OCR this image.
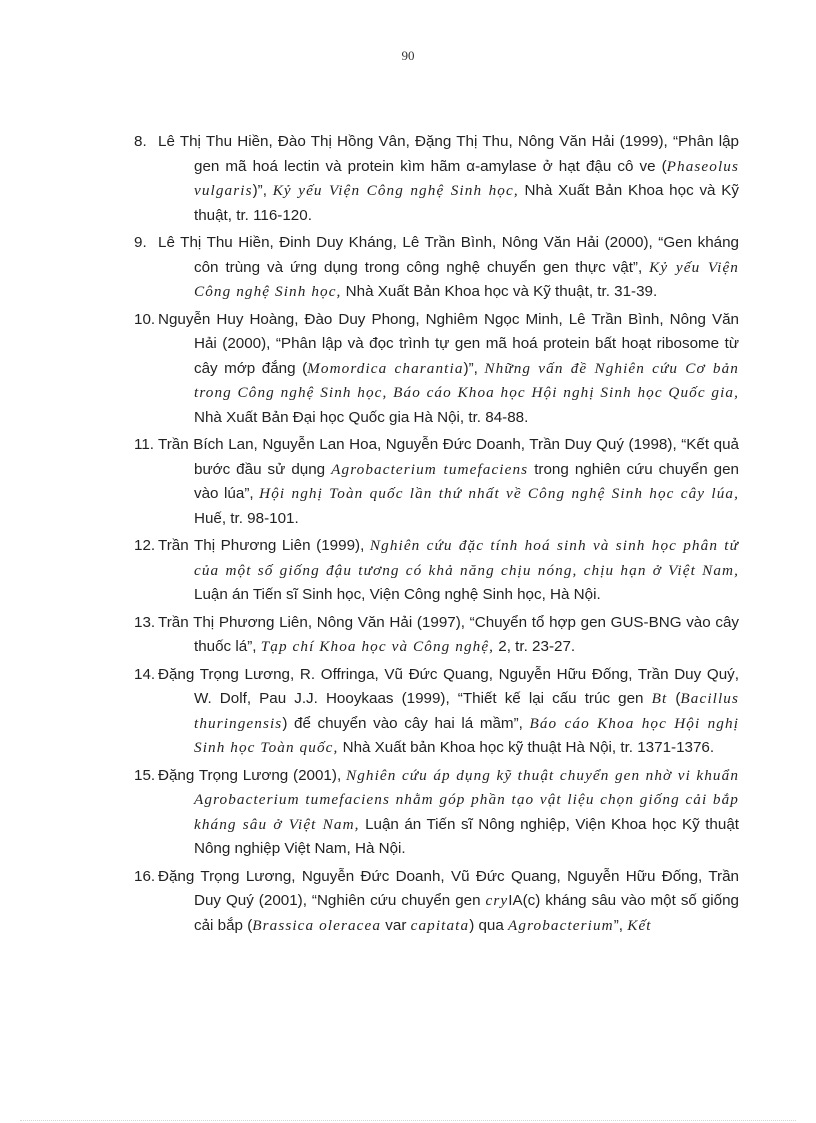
90
8. Lê Thị Thu Hiền, Đào Thị Hồng Vân, Đặng Thị Thu, Nông Văn Hải (1999), “Phân lập gen mã hoá lectin và protein kìm hãm α-amylase ở hạt đậu cô ve (Phaseolus vulgaris)”, Kỷ yếu Viện Công nghệ Sinh học, Nhà Xuất Bản Khoa học và Kỹ thuật, tr. 116-120.
9. Lê Thị Thu Hiền, Đinh Duy Kháng, Lê Trần Bình, Nông Văn Hải (2000), “Gen kháng côn trùng và ứng dụng trong công nghệ chuyển gen thực vật”, Kỷ yếu Viện Công nghệ Sinh học, Nhà Xuất Bản Khoa học và Kỹ thuật, tr. 31-39.
10. Nguyễn Huy Hoàng, Đào Duy Phong, Nghiêm Ngọc Minh, Lê Trần Bình, Nông Văn Hải (2000), “Phân lập và đọc trình tự gen mã hoá protein bất hoạt ribosome từ cây mớp đắng (Momordica charantia)”, Những vấn đề Nghiên cứu Cơ bản trong Công nghệ Sinh học, Báo cáo Khoa học Hội nghị Sinh học Quốc gia, Nhà Xuất Bản Đại học Quốc gia Hà Nội, tr. 84-88.
11. Trần Bích Lan, Nguyễn Lan Hoa, Nguyễn Đức Doanh, Trần Duy Quý (1998), “Kết quả bước đầu sử dụng Agrobacterium tumefaciens trong nghiên cứu chuyển gen vào lúa”, Hội nghị Toàn quốc lần thứ nhất về Công nghệ Sinh học cây lúa, Huế, tr. 98-101.
12. Trần Thị Phương Liên (1999), Nghiên cứu đặc tính hoá sinh và sinh học phân tử của một số giống đậu tương có khả năng chịu nóng, chịu hạn ở Việt Nam, Luận án Tiến sĩ Sinh học, Viện Công nghệ Sinh học, Hà Nội.
13. Trần Thị Phương Liên, Nông Văn Hải (1997), “Chuyển tổ hợp gen GUS-BNG vào cây thuốc lá”, Tạp chí Khoa học và Công nghệ, 2, tr. 23-27.
14. Đặng Trọng Lương, R. Offringa, Vũ Đức Quang, Nguyễn Hữu Đống, Trần Duy Quý, W. Dolf, Pau J.J. Hooykaas (1999), “Thiết kế lại cấu trúc gen Bt (Bacillus thuringensis) để chuyển vào cây hai lá mầm”, Báo cáo Khoa học Hội nghị Sinh học Toàn quốc, Nhà Xuất bản Khoa học kỹ thuật Hà Nội, tr. 1371-1376.
15. Đặng Trọng Lương (2001), Nghiên cứu áp dụng kỹ thuật chuyển gen nhờ vi khuẩn Agrobacterium tumefaciens nhằm góp phần tạo vật liệu chọn giống cải bắp kháng sâu ở Việt Nam, Luận án Tiến sĩ Nông nghiệp, Viện Khoa học Kỹ thuật Nông nghiệp Việt Nam, Hà Nội.
16. Đặng Trọng Lương, Nguyễn Đức Doanh, Vũ Đức Quang, Nguyễn Hữu Đống, Trần Duy Quý (2001), “Nghiên cứu chuyển gen cryIA(c) kháng sâu vào một số giống cải bắp (Brassica oleracea var capitata) qua Agrobacterium”, Kết
